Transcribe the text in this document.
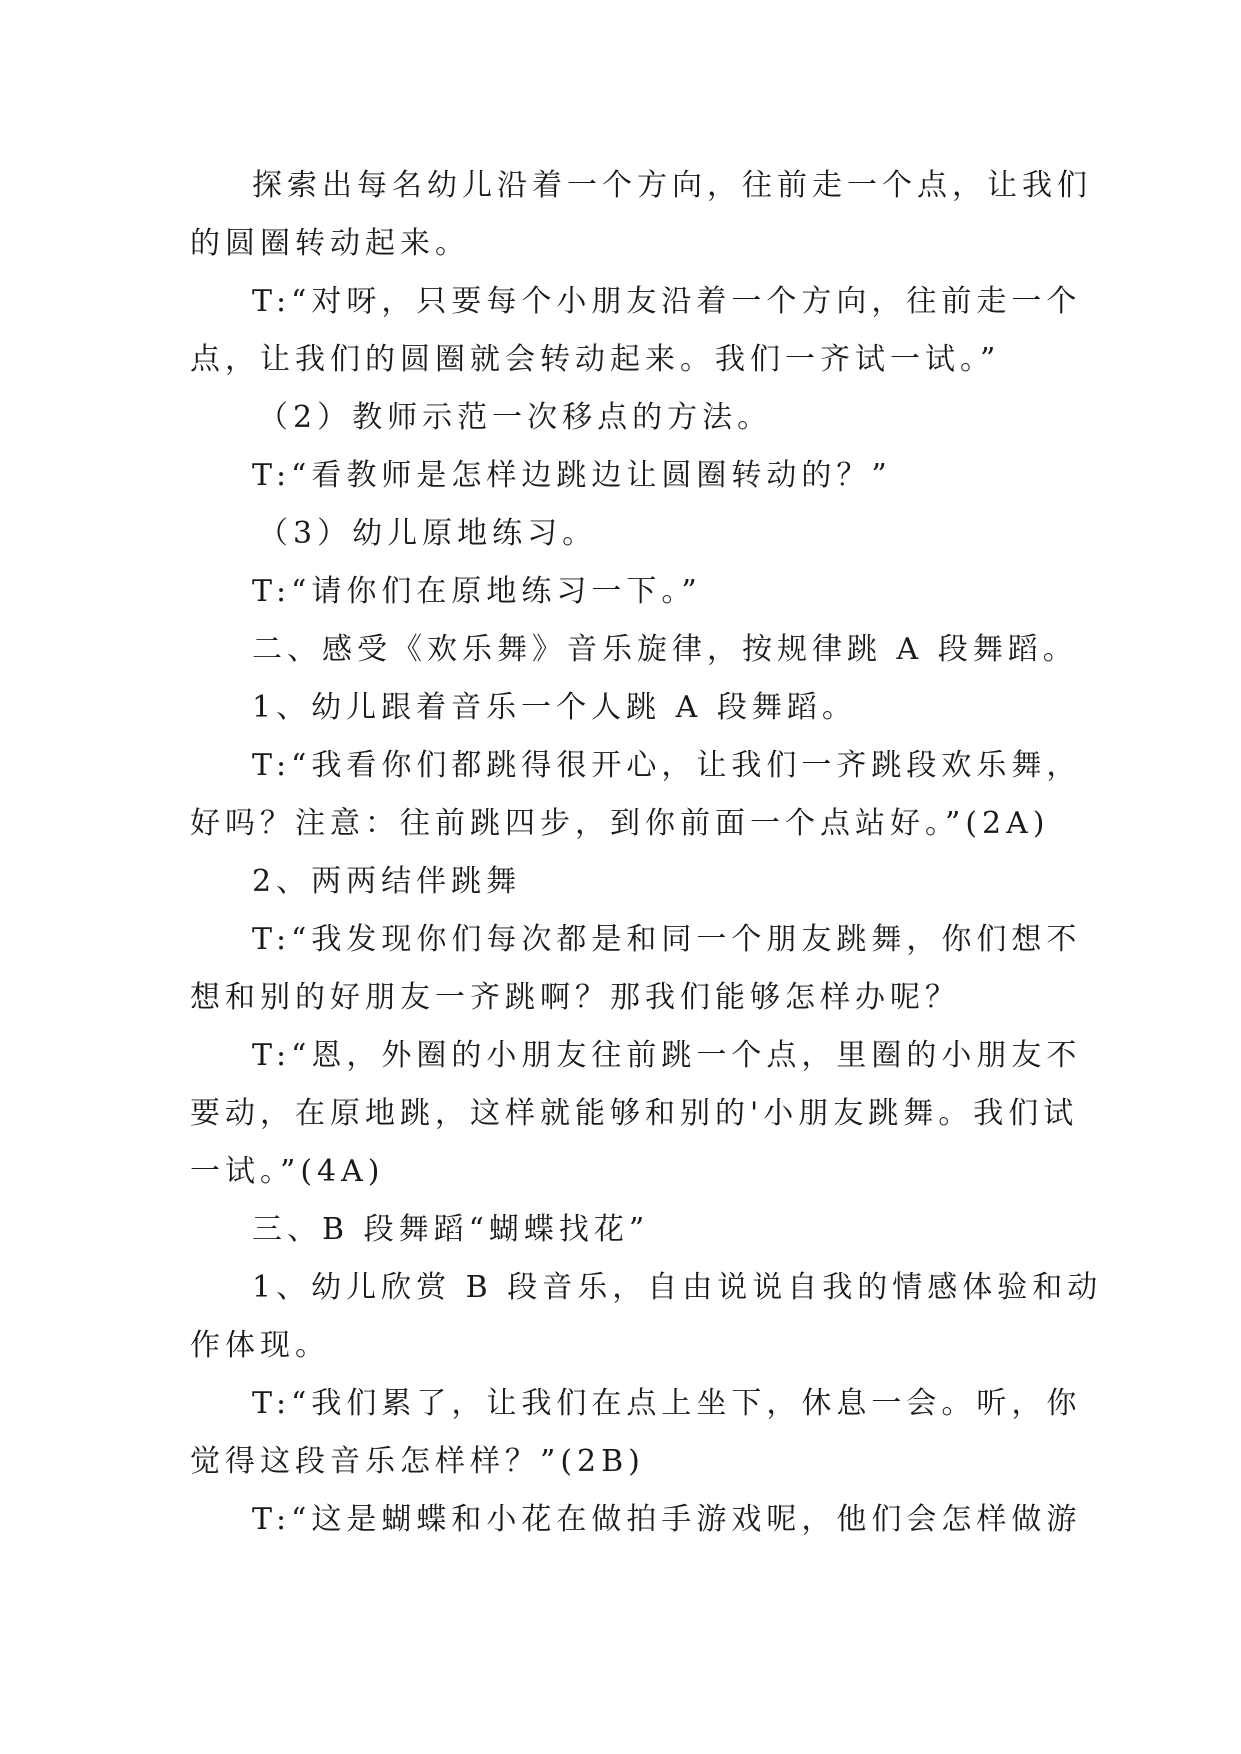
探索出每名幼儿沿着一个方向，往前走一个点，让我们
的圆圈转动起来。
T:“对呀，只要每个小朋友沿着一个方向，往前走一个
点，让我们的圆圈就会转动起来。我们一齐试一试。”
（2）教师示范一次移点的方法。
T:“看教师是怎样边跳边让圆圈转动的？”
（3）幼儿原地练习。
T:“请你们在原地练习一下。”
二、感受《欢乐舞》音乐旋律，按规律跳 A 段舞蹈。
1、幼儿跟着音乐一个人跳 A 段舞蹈。
T:“我看你们都跳得很开心，让我们一齐跳段欢乐舞，
好吗？注意：往前跳四步，到你前面一个点站好。”(2A)
2、两两结伴跳舞
T:“我发现你们每次都是和同一个朋友跳舞，你们想不
想和别的好朋友一齐跳啊？那我们能够怎样办呢？
T:“恩，外圈的小朋友往前跳一个点，里圈的小朋友不
要动，在原地跳，这样就能够和别的'小朋友跳舞。我们试
一试。”(4A)
三、B 段舞蹈“蝴蝶找花”
1、幼儿欣赏 B 段音乐，自由说说自我的情感体验和动
作体现。
T:“我们累了，让我们在点上坐下，休息一会。听，你
觉得这段音乐怎样样？”(2B)
T:“这是蝴蝶和小花在做拍手游戏呢，他们会怎样做游
